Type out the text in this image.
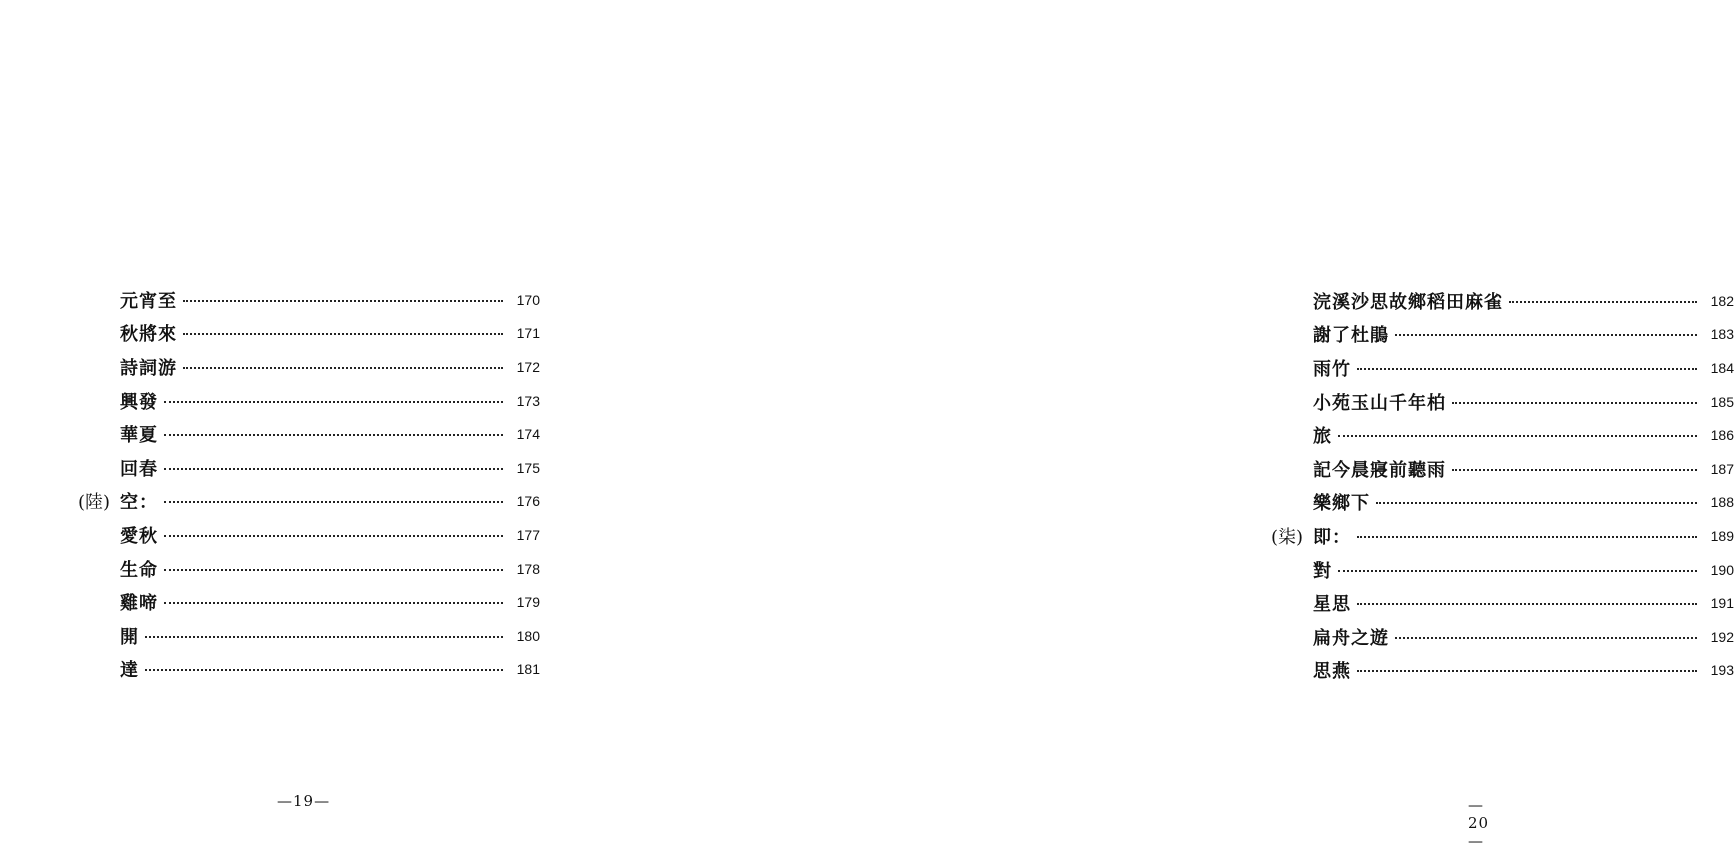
元宵至	170
秋將來	171
詩詞游	172
興發	173
華夏	174
回春	175
(陸) 空：	176
愛秋	177
生命	178
雞啼	179
開	180
達	181
—19—
浣溪沙思故鄉稻田麻雀	182
謝了杜鵑	183
雨竹	184
小苑玉山千年柏	185
旅	186
記今晨寢前聽雨	187
樂鄉下	188
(柒) 即：	189
對	190
星思	191
扁舟之遊	192
思燕	193
—20—
